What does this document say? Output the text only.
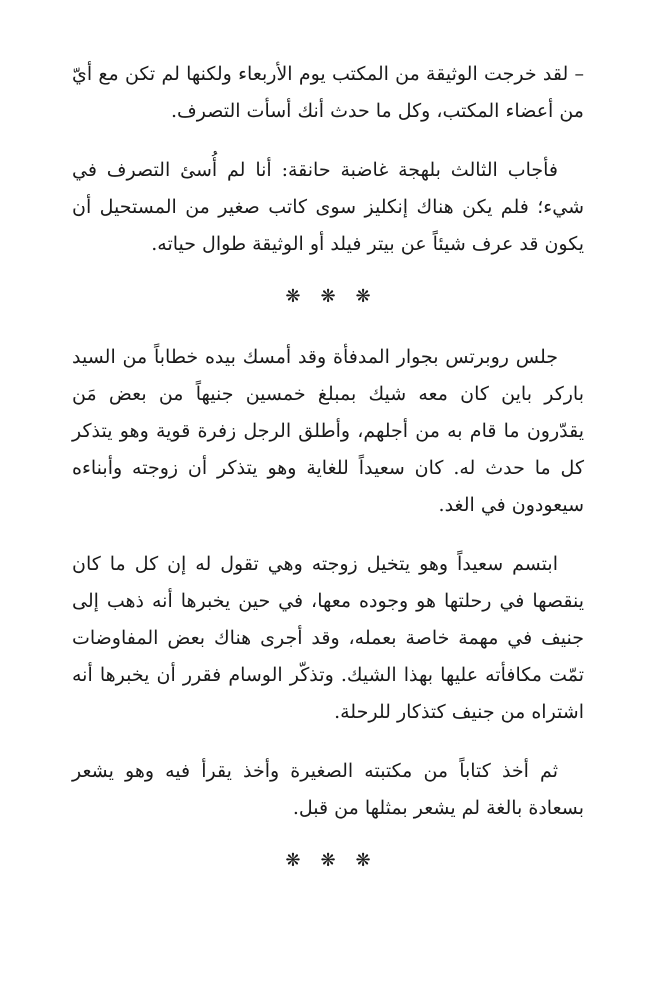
– لقد خرجت الوثيقة من المكتب يوم الأربعاء ولكنها لم تكن مع أيّ من أعضاء المكتب، وكل ما حدث أنك أسأت التصرف.

فأجاب الثالث بلهجة غاضبة حانقة: أنا لم أُسئ التصرف في شيء؛ فلم يكن هناك إنكليز سوى كاتب صغير من المستحيل أن يكون قد عرف شيئاً عن بيتر فيلد أو الوثيقة طوال حياته.

❋ ❋ ❋

جلس روبرتس بجوار المدفأة وقد أمسك بيده خطاباً من السيد باركر باين كان معه شيك بمبلغ خمسين جنيهاً من بعض مَن يقدّرون ما قام به من أجلهم، وأطلق الرجل زفرة قوية وهو يتذكر كل ما حدث له. كان سعيداً للغاية وهو يتذكر أن زوجته وأبناءه سيعودون في الغد.

ابتسم سعيداً وهو يتخيل زوجته وهي تقول له إن كل ما كان ينقصها في رحلتها هو وجوده معها، في حين يخبرها أنه ذهب إلى جنيف في مهمة خاصة بعمله، وقد أجرى هناك بعض المفاوضات تمّت مكافأته عليها بهذا الشيك. وتذكّر الوسام فقرر أن يخبرها أنه اشتراه من جنيف كتذكار للرحلة.

ثم أخذ كتاباً من مكتبته الصغيرة وأخذ يقرأ فيه وهو يشعر بسعادة بالغة لم يشعر بمثلها من قبل.

❋ ❋ ❋
